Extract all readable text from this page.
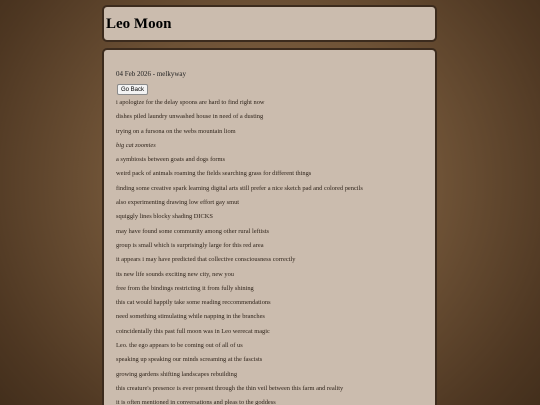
Leo Moon
04 Feb 2026 - melkyway
Go Back
i apologize for the delay spoons are hard to find right now
dishes piled laundry unwashed house in need of a dusting
trying on a fursona on the webs mountain liom
big cat zoomies
a symbiosis between goats and dogs forms
weird pack of animals roaming the fields searching grass for different things
finding some creative spark learning digital arts still prefer a nice sketch pad and colored pencils
also experimenting drawing low effort gay smut
squiggly lines blocky shading DICKS
may have found some community among other rural leftists
group is small which is surprisingly large for this red area
it appears i may have predicted that collective consciousness correctly
its new life sounds exciting new city, new you
free from the bindings restricting it from fully shining
this cat would happily take some reading reccommendations
need something stimulating while napping in the branches
coincidentally this past full moon was in Leo werecat magic
Leo. the ego appears to be coming out of all of us
speaking up speaking our minds screaming at the fascists
growing gardens shifting landscapes rebuilding
this creature's presence is ever present through the thin veil between this farm and reality
it is often mentioned in conversations and pleas to the goddess
